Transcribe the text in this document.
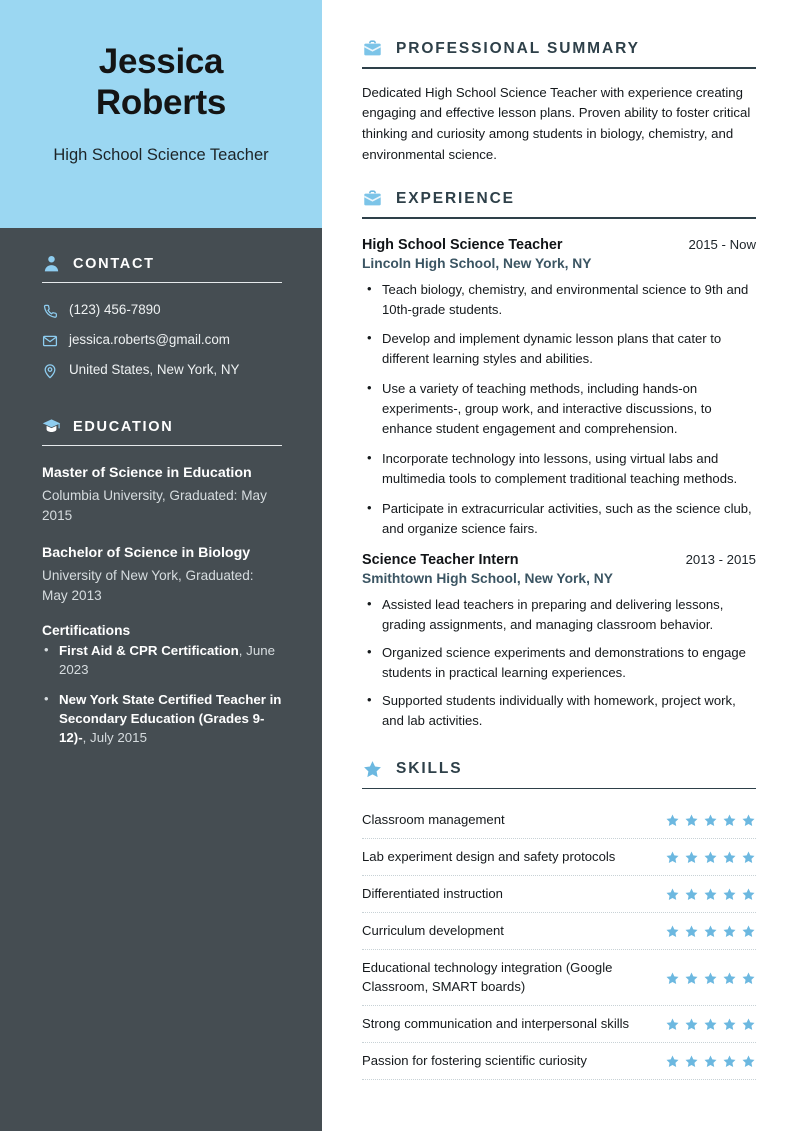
Jessica
Roberts

High School Science Teacher

CONTACT
(123) 456-7890
jessica.roberts@gmail.com
United States, New York, NY
EDUCATION
Master of Science in Education
Columbia University, Graduated: May 2015
Bachelor of Science in Biology
University of New York, Graduated: May 2013
Certifications
• First Aid & CPR Certification, June 2023
• New York State Certified Teacher in Secondary Education (Grades 9-12)-, July 2015
PROFESSIONAL SUMMARY

Dedicated High School Science Teacher with experience creating engaging and effective lesson plans. Proven ability to foster critical thinking and curiosity among students in biology, chemistry, and environmental science.

EXPERIENCE
High School Science Teacher	2015 - Now
Lincoln High School, New York, NY
• Teach biology, chemistry, and environmental science to 9th and 10th-grade students.
• Develop and implement dynamic lesson plans that cater to different learning styles and abilities.
• Use a variety of teaching methods, including hands-on experiments-, group work, and interactive discussions, to enhance student engagement and comprehension.
• Incorporate technology into lessons, using virtual labs and multimedia tools to complement traditional teaching methods.
• Participate in extracurricular activities, such as the science club, and organize science fairs.
Science Teacher Intern	2013 - 2015
Smithtown High School, New York, NY
• Assisted lead teachers in preparing and delivering lessons, grading assignments, and managing classroom behavior.
• Organized science experiments and demonstrations to engage students in practical learning experiences.
• Supported students individually with homework, project work, and lab activities.
SKILLS
Classroom management
Lab experiment design and safety protocols
Differentiated instruction
Curriculum development
Educational technology integration (Google Classroom, SMART boards)
Strong communication and interpersonal skills
Passion for fostering scientific curiosity
